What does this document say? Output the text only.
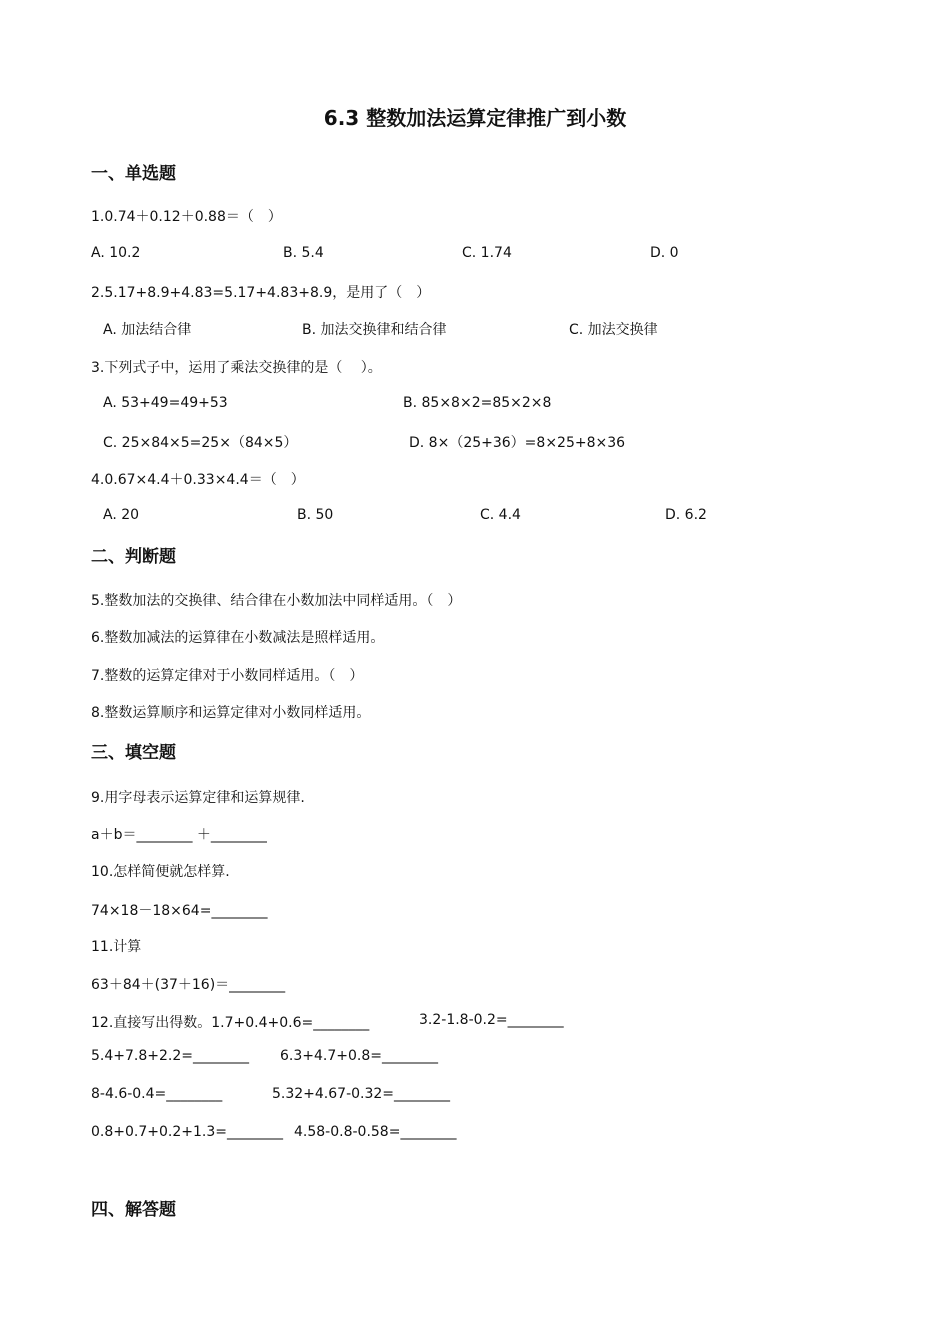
6.3 整数加法运算定律推广到小数
一、单选题
1.0.74＋0.12＋0.88＝（　）
A. 10.2	B. 5.4	C. 1.74	D. 0
2.5.17+8.9+4.83=5.17+4.83+8.9，是用了（　）
A. 加法结合律	B. 加法交换律和结合律	C. 加法交换律
3.下列式子中，运用了乘法交换律的是（　 ）。
A. 53+49=49+53	B. 85×8×2=85×2×8
C. 25×84×5=25×（84×5）	D. 8×（25+36）=8×25+8×36
4.0.67×4.4＋0.33×4.4＝（　）
A. 20	B. 50	C. 4.4	D. 6.2
二、判断题
5.整数加法的交换律、结合律在小数加法中同样适用。（　）
6.整数加减法的运算律在小数减法是照样适用。
7.整数的运算定律对于小数同样适用。（　）
8.整数运算顺序和运算定律对小数同样适用。
三、填空题
9.用字母表示运算定律和运算规律.
a＋b＝________ ＋________
10.怎样简便就怎样算.
74×18－18×64=________
11.计算
63＋84＋(37＋16)＝________
12.直接写出得数。1.7+0.4+0.6=________	3.2-1.8-0.2=________
5.4+7.8+2.2=________ 6.3+4.7+0.8=________
8-4.6-0.4=________	5.32+4.67-0.32=________
0.8+0.7+0.2+1.3=________ 4.58-0.8-0.58=________
四、解答题
